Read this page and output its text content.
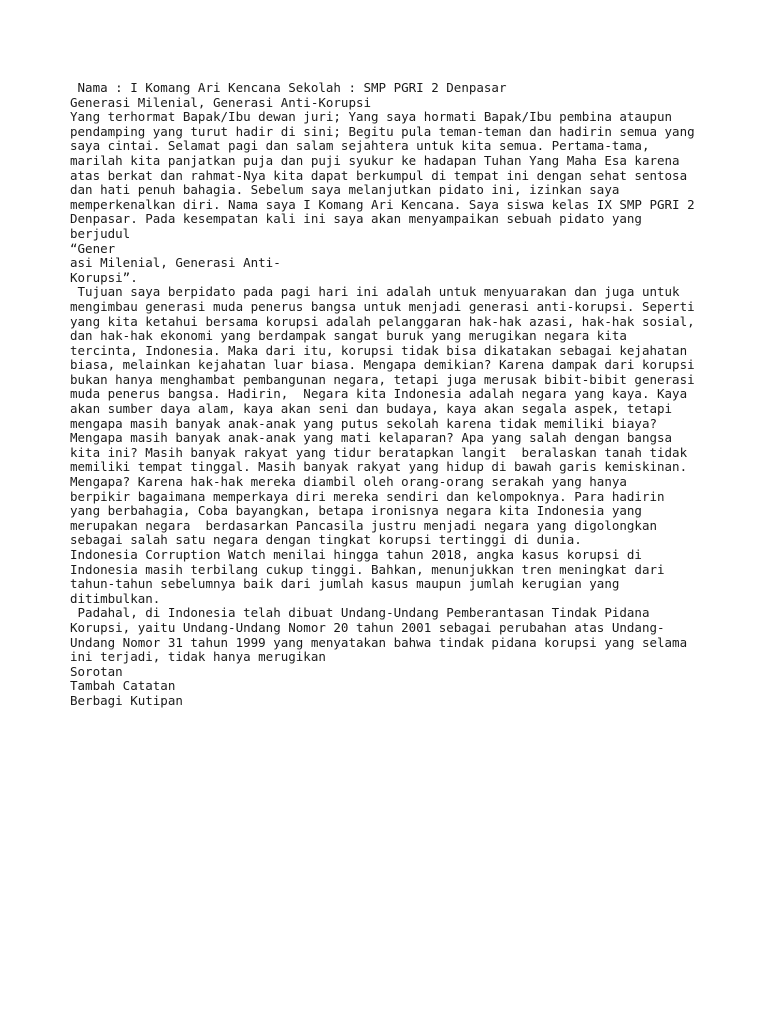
Nama : I Komang Ari Kencana Sekolah : SMP PGRI 2 Denpasar
Generasi Milenial, Generasi Anti-Korupsi
Yang terhormat Bapak/Ibu dewan juri; Yang saya hormati Bapak/Ibu pembina ataupun
pendamping yang turut hadir di sini; Begitu pula teman-teman dan hadirin semua yang
saya cintai. Selamat pagi dan salam sejahtera untuk kita semua. Pertama-tama,
marilah kita panjatkan puja dan puji syukur ke hadapan Tuhan Yang Maha Esa karena
atas berkat dan rahmat-Nya kita dapat berkumpul di tempat ini dengan sehat sentosa
dan hati penuh bahagia. Sebelum saya melanjutkan pidato ini, izinkan saya
memperkenalkan diri. Nama saya I Komang Ari Kencana. Saya siswa kelas IX SMP PGRI 2
Denpasar. Pada kesempatan kali ini saya akan menyampaikan sebuah pidato yang
berjudul
“Gener
asi Milenial, Generasi Anti-
Korupsi”.
Tujuan saya berpidato pada pagi hari ini adalah untuk menyuarakan dan juga untuk
mengimbau generasi muda penerus bangsa untuk menjadi generasi anti-korupsi. Seperti
yang kita ketahui bersama korupsi adalah pelanggaran hak-hak azasi, hak-hak sosial,
dan hak-hak ekonomi yang berdampak sangat buruk yang merugikan negara kita
tercinta, Indonesia. Maka dari itu, korupsi tidak bisa dikatakan sebagai kejahatan
biasa, melainkan kejahatan luar biasa. Mengapa demikian? Karena dampak dari korupsi
bukan hanya menghambat pembangunan negara, tetapi juga merusak bibit-bibit generasi
muda penerus bangsa. Hadirin,  Negara kita Indonesia adalah negara yang kaya. Kaya
akan sumber daya alam, kaya akan seni dan budaya, kaya akan segala aspek, tetapi
mengapa masih banyak anak-anak yang putus sekolah karena tidak memiliki biaya?
Mengapa masih banyak anak-anak yang mati kelaparan? Apa yang salah dengan bangsa
kita ini? Masih banyak rakyat yang tidur beratapkan langit  beralaskan tanah tidak
memiliki tempat tinggal. Masih banyak rakyat yang hidup di bawah garis kemiskinan.
Mengapa? Karena hak-hak mereka diambil oleh orang-orang serakah yang hanya
berpikir bagaimana memperkaya diri mereka sendiri dan kelompoknya. Para hadirin
yang berbahagia, Coba bayangkan, betapa ironisnya negara kita Indonesia yang
merupakan negara  berdasarkan Pancasila justru menjadi negara yang digolongkan
sebagai salah satu negara dengan tingkat korupsi tertinggi di dunia.
Indonesia Corruption Watch menilai hingga tahun 2018, angka kasus korupsi di
Indonesia masih terbilang cukup tinggi. Bahkan, menunjukkan tren meningkat dari
tahun-tahun sebelumnya baik dari jumlah kasus maupun jumlah kerugian yang
ditimbulkan.
Padahal, di Indonesia telah dibuat Undang-Undang Pemberantasan Tindak Pidana
Korupsi, yaitu Undang-Undang Nomor 20 tahun 2001 sebagai perubahan atas Undang-
Undang Nomor 31 tahun 1999 yang menyatakan bahwa tindak pidana korupsi yang selama
ini terjadi, tidak hanya merugikan
Sorotan
Tambah Catatan
Berbagi Kutipan
